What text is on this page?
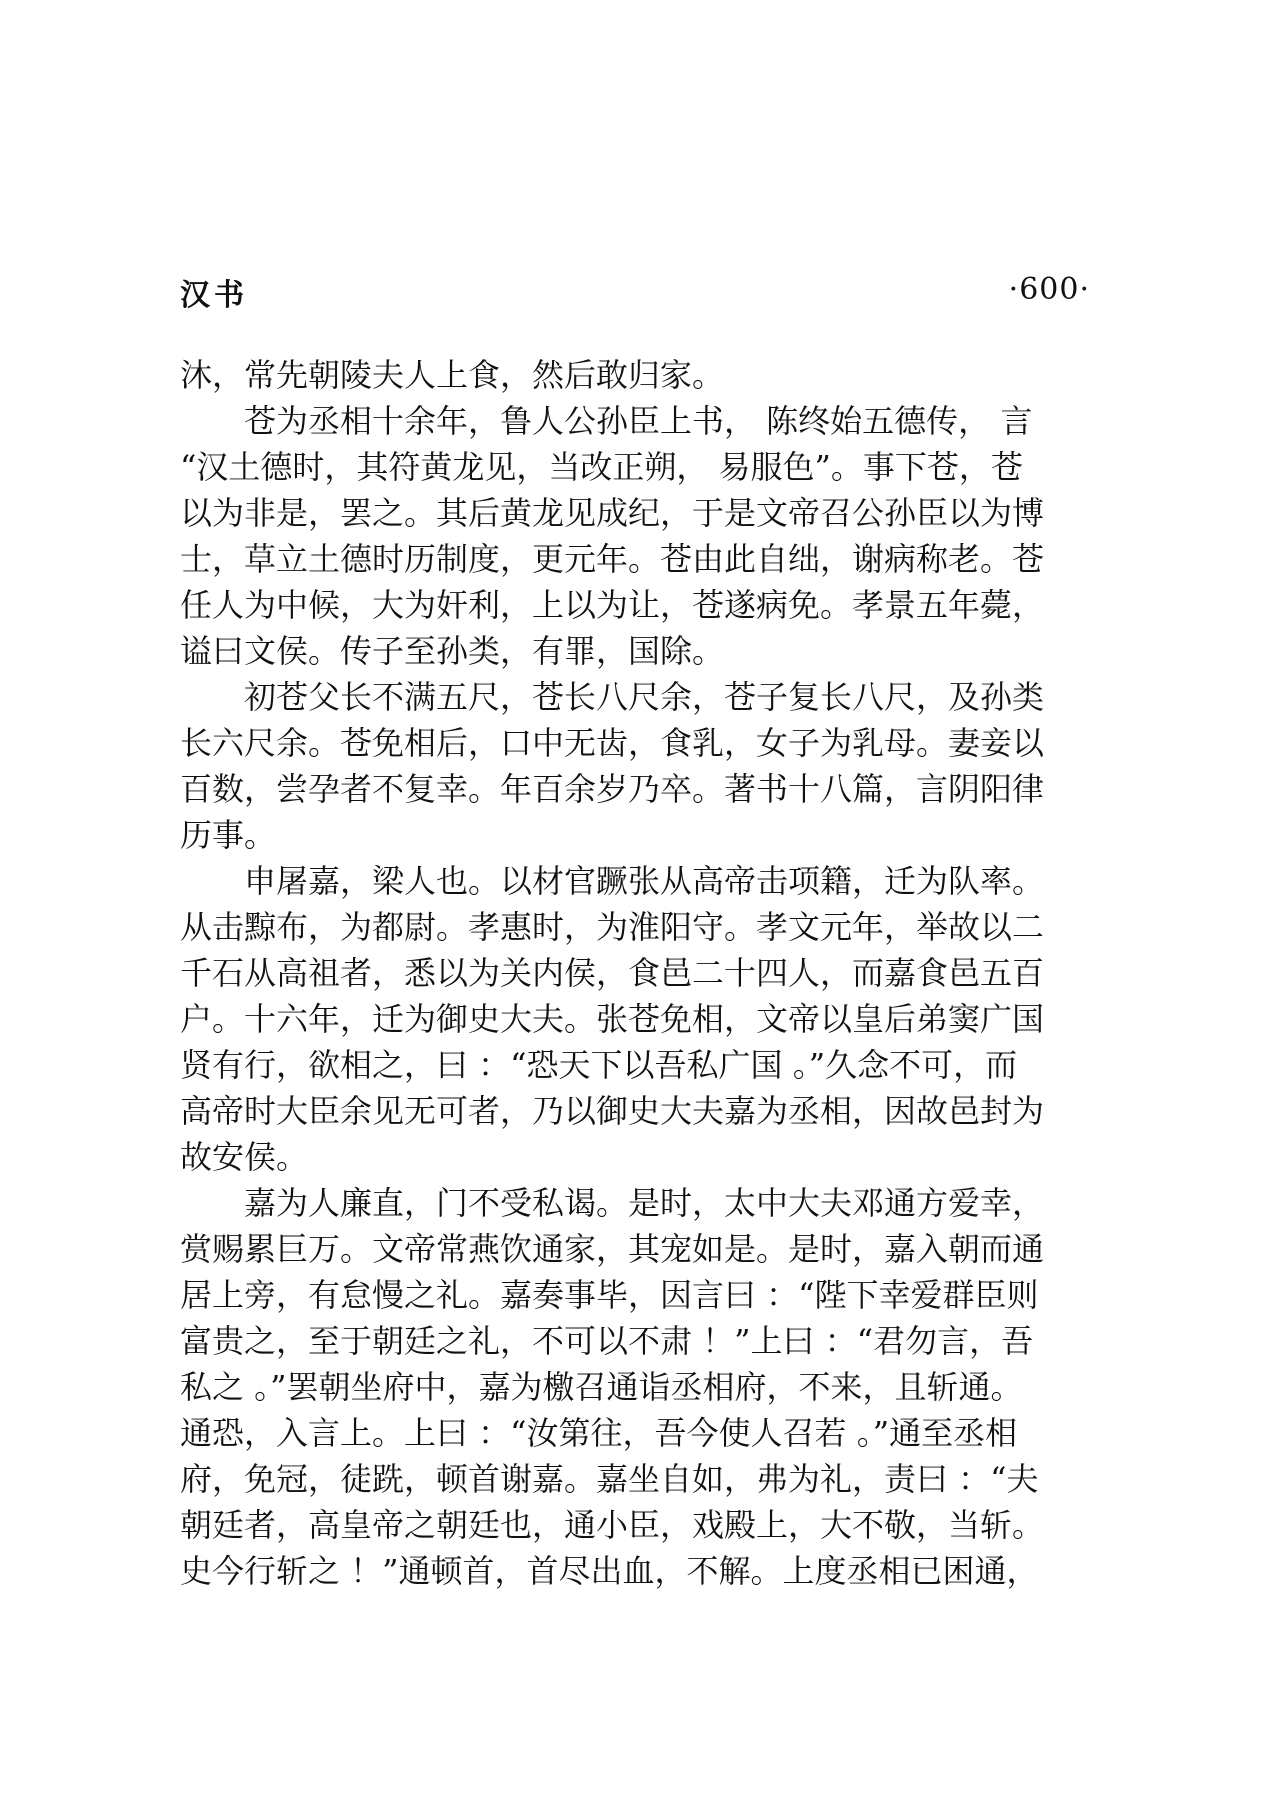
汉书	·600·
沐，常先朝陵夫人上食，然后敢归家。
苍为丞相十余年，鲁人公孙臣上书， 陈终始五德传， 言
“汉土德时，其符黄龙见，当改正朔， 易服色”。事下苍，苍
以为非是，罢之。其后黄龙见成纪，于是文帝召公孙臣以为博
士，草立土德时历制度，更元年。苍由此自绌，谢病称老。苍
任人为中候，大为奸利，上以为让，苍遂病免。孝景五年薨，
谥曰文侯。传子至孙类，有罪，国除。
初苍父长不满五尺，苍长八尺余，苍子复长八尺，及孙类
长六尺余。苍免相后，口中无齿，食乳，女子为乳母。妻妾以
百数，尝孕者不复幸。年百余岁乃卒。著书十八篇，言阴阳律
历事。
申屠嘉，梁人也。以材官蹶张从高帝击项籍，迁为队率。
从击黥布，为都尉。孝惠时，为淮阳守。孝文元年，举故以二
千石从高祖者，悉以为关内侯，食邑二十四人，而嘉食邑五百
户。十六年，迁为御史大夫。张苍免相，文帝以皇后弟窦广国
贤有行，欲相之，曰 ：“恐天下以吾私广国 。”久念不可，而
高帝时大臣余见无可者，乃以御史大夫嘉为丞相，因故邑封为
故安侯。
嘉为人廉直，门不受私谒。是时，太中大夫邓通方爱幸，
赏赐累巨万。文帝常燕饮通家，其宠如是。是时，嘉入朝而通
居上旁，有怠慢之礼。嘉奏事毕，因言曰 ：“陛下幸爱群臣则
富贵之，至于朝廷之礼，不可以不肃 ！”上曰 ：“君勿言，吾
私之 。”罢朝坐府中，嘉为檄召通诣丞相府，不来，且斩通。
通恐，入言上。上曰 ：“汝第往，吾今使人召若 。”通至丞相
府，免冠，徒跣，顿首谢嘉。嘉坐自如，弗为礼，责曰 ：“夫
朝廷者，高皇帝之朝廷也，通小臣，戏殿上，大不敬，当斩。
史今行斩之 ！”通顿首，首尽出血，不解。上度丞相已困通，
